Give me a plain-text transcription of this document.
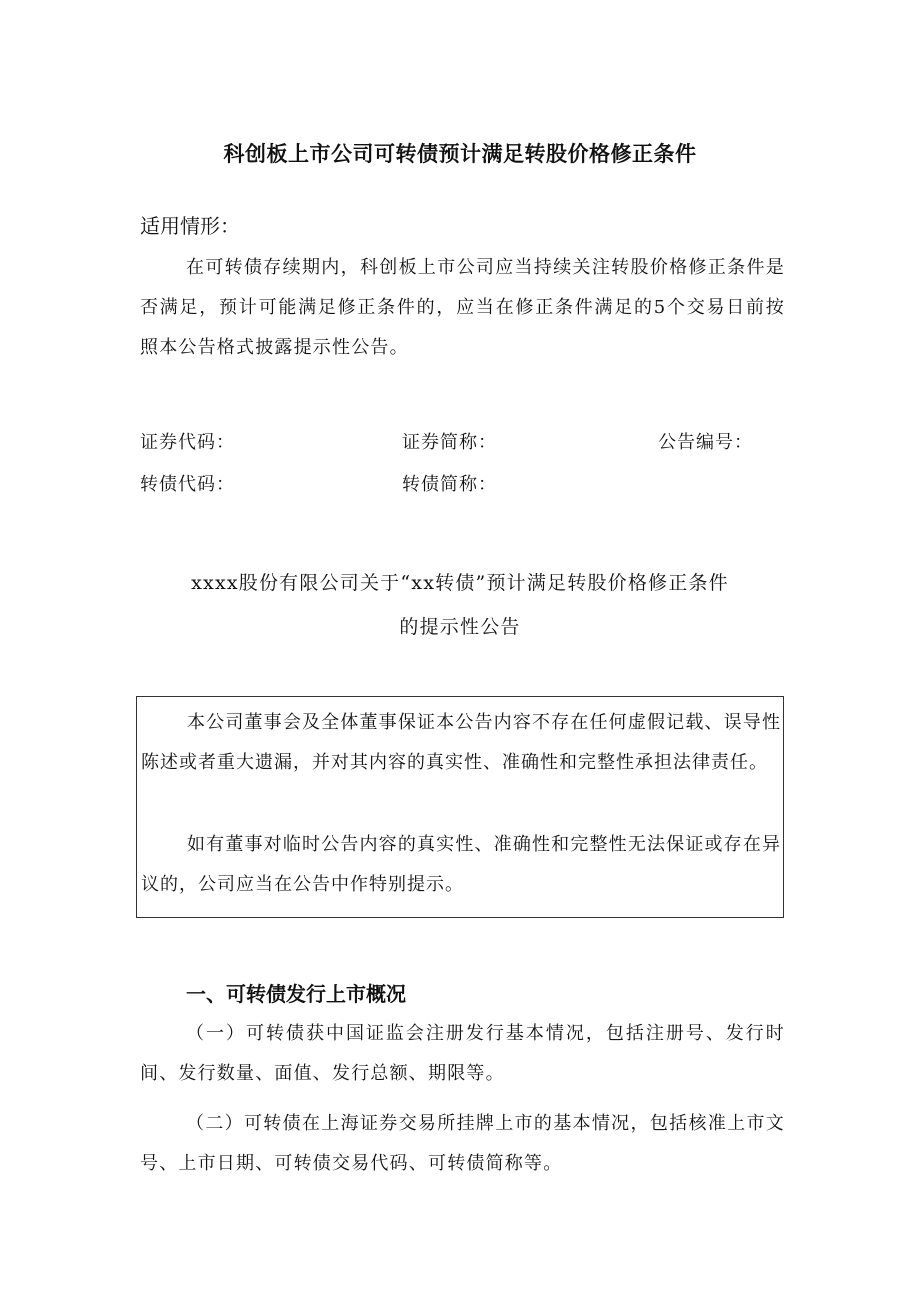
科创板上市公司可转债预计满足转股价格修正条件
适用情形：
在可转债存续期内，科创板上市公司应当持续关注转股价格修正条件是否满足，预计可能满足修正条件的，应当在修正条件满足的5个交易日前按照本公告格式披露提示性公告。
证券代码：	证券简称：	公告编号：
转债代码：	转债简称：
xxxx股份有限公司关于“xx转债”预计满足转股价格修正条件
的提示性公告
本公司董事会及全体董事保证本公告内容不存在任何虚假记载、误导性陈述或者重大遗漏，并对其内容的真实性、准确性和完整性承担法律责任。
如有董事对临时公告内容的真实性、准确性和完整性无法保证或存在异议的，公司应当在公告中作特别提示。
一、可转债发行上市概况
（一）可转债获中国证监会注册发行基本情况，包括注册号、发行时间、发行数量、面值、发行总额、期限等。
（二）可转债在上海证券交易所挂牌上市的基本情况，包括核准上市文号、上市日期、可转债交易代码、可转债简称等。
